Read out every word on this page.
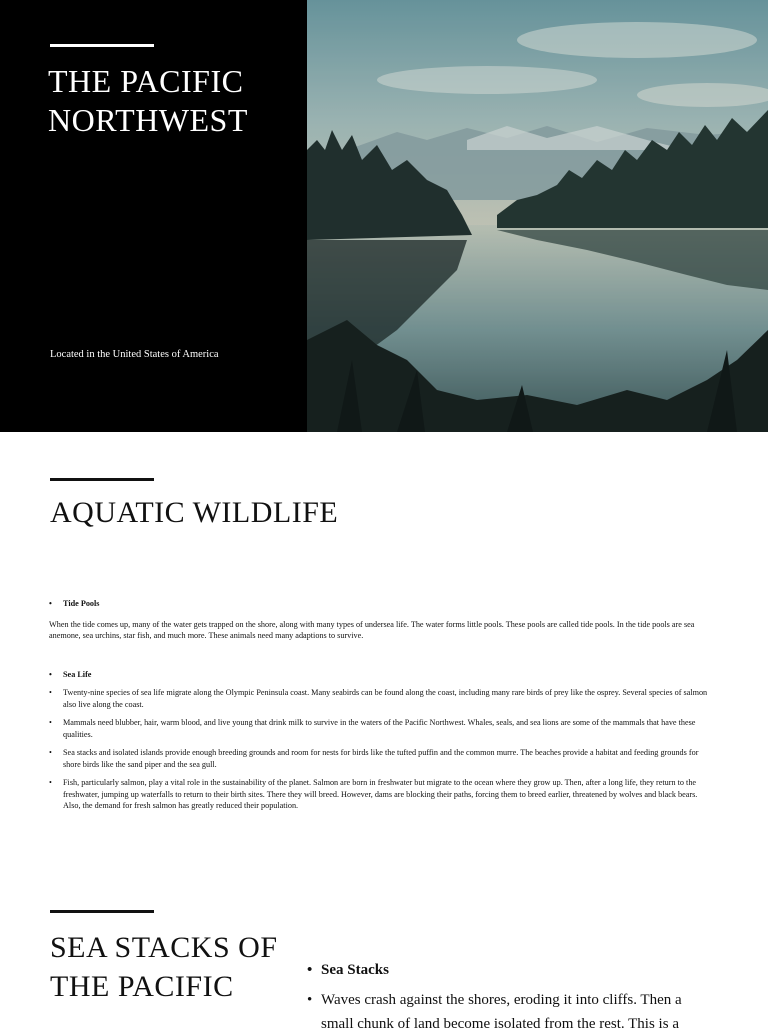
THE PACIFIC NORTHWEST
Located in the United States of America
AQUATIC WILDLIFE

• Tide Pools

When the tide comes up, many of the water gets trapped on the shore, along with many types of undersea life. The water forms little pools. These pools are called tide pools. In the tide pools are sea anemone, sea urchins, star fish, and much more. These animals need many adaptions to survive.

• Sea Life

• Twenty-nine species of sea life migrate along the Olympic Peninsula coast. Many seabirds can be found along the coast, including many rare birds of prey like the osprey. Several species of salmon also live along the coast.

• Mammals need blubber, hair, warm blood, and live young that drink milk to survive in the waters of the Pacific Northwest. Whales, seals, and sea lions are some of the mammals that have these qualities.

• Sea stacks and isolated islands provide enough breeding grounds and room for nests for birds like the tufted puffin and the common murre. The beaches provide a habitat and feeding grounds for shore birds like the sand piper and the sea gull.

• Fish, particularly salmon, play a vital role in the sustainability of the planet. Salmon are born in freshwater but migrate to the ocean where they grow up. Then, after a long life, they return to the freshwater, jumping up waterfalls to return to their birth sites. There they will breed. However, dams are blocking their paths, forcing them to breed earlier, threatened by wolves and black bears. Also, the demand for fresh salmon has greatly reduced their population.

SEA STACKS OF THE PACIFIC

•	Sea Stacks

• Waves crash against the shores, eroding it into cliffs. Then a small chunk of land become isolated from the rest. This is a
